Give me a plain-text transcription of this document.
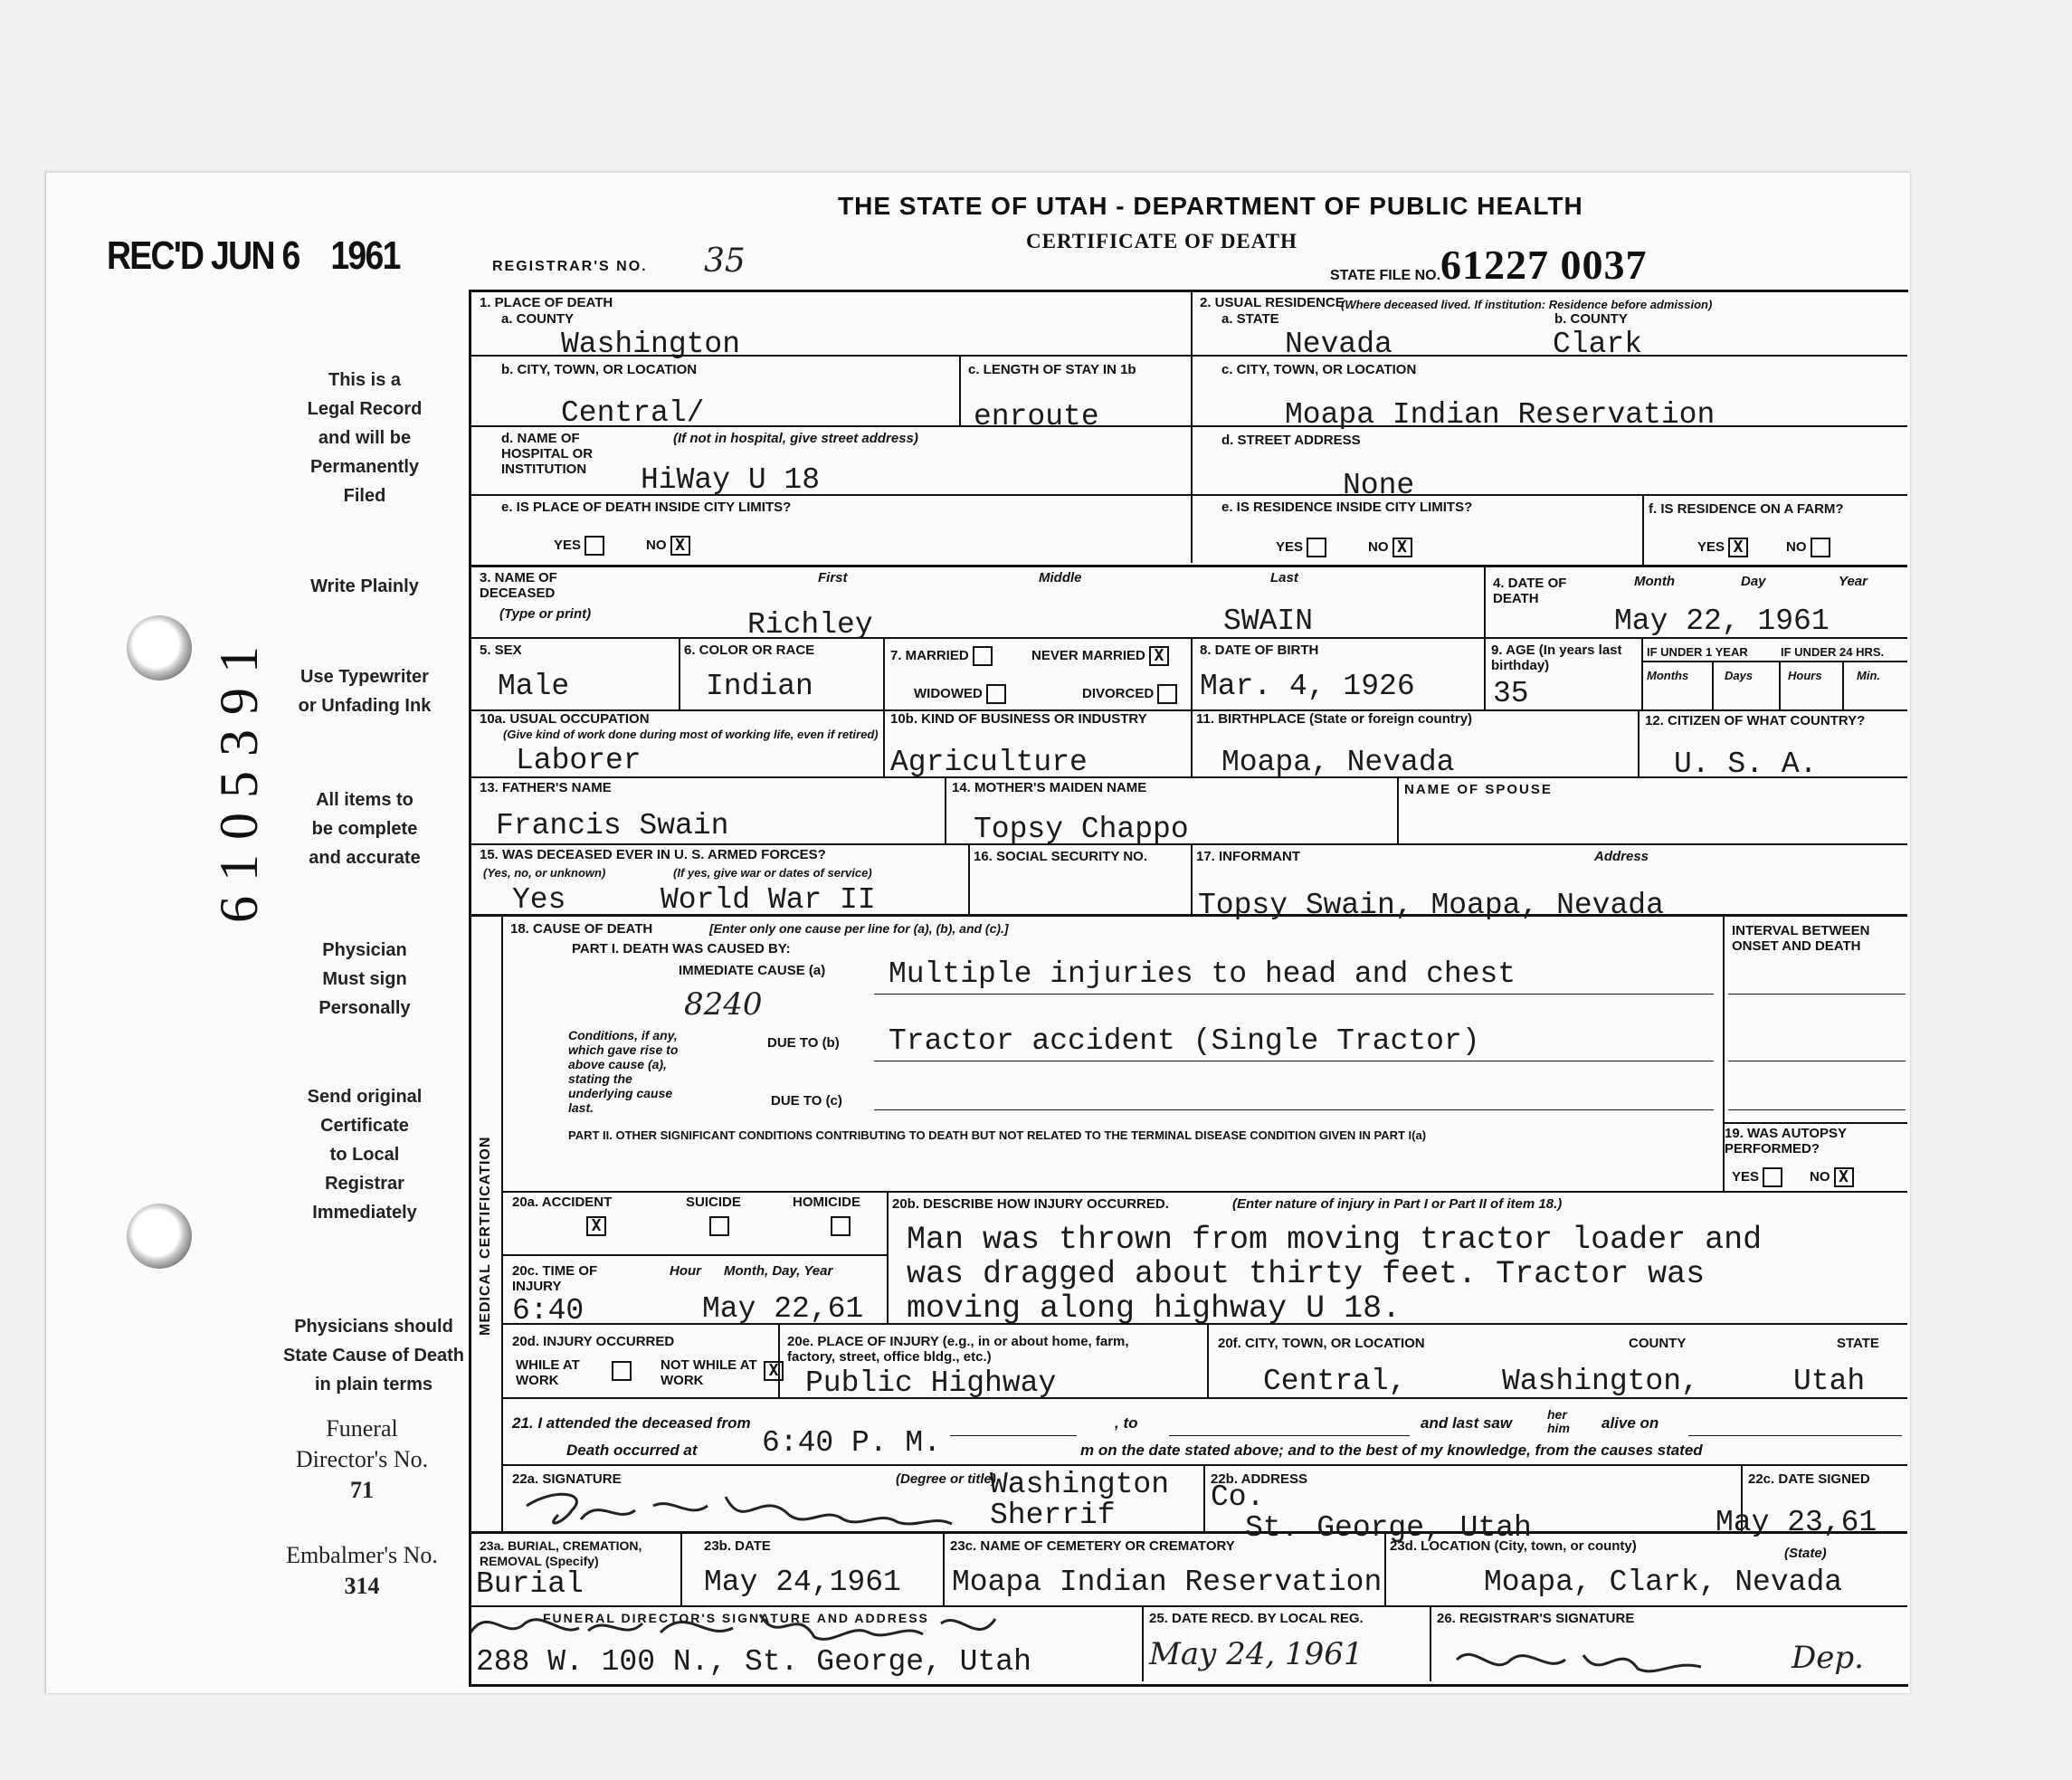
REC'D JUN 6 1961
This is a
Legal Record
and will be
Permanently
Filed
Write Plainly
Use Typewriter
or Unfading Ink
All items to
be complete
and accurate
Physician
Must sign
Personally
Send original
Certificate
to Local
Registrar
Immediately
Physicians should
State Cause of Death
in plain terms
Funeral
Director's No.
71
Embalmer's No.
314
6105391
THE STATE OF UTAH - DEPARTMENT OF PUBLIC HEALTH
CERTIFICATE OF DEATH
REGISTRAR'S NO. 35	STATE FILE NO. 61227 0037
1. PLACE OF DEATH
a. COUNTY
Washington
b. CITY, TOWN, OR LOCATION
Central/
c. LENGTH OF STAY IN 1b
enroute
d. NAME OF HOSPITAL OR INSTITUTION
(If not in hospital, give street address)
HiWay U 18
e. IS PLACE OF DEATH INSIDE CITY LIMITS?
YES	NO X
2. USUAL RESIDENCE
(Where deceased lived. If institution: Residence before admission)
a. STATE	b. COUNTY
Nevada	Clark
c. CITY, TOWN, OR LOCATION
Moapa Indian Reservation
d. STREET ADDRESS
None
e. IS RESIDENCE INSIDE CITY LIMITS?
YES	NO X
f. IS RESIDENCE ON A FARM?
YES X	NO
3. NAME OF DECEASED
(Type or print)
First	Middle	Last
Richley	SWAIN
4. DATE OF DEATH
Month	Day	Year
May 22, 1961
5. SEX
Male
6. COLOR OR RACE
Indian
7. MARRIED	NEVER MARRIED X
WIDOWED	DIVORCED
8. DATE OF BIRTH
Mar. 4, 1926
9. AGE (In years last birthday)
35
IF UNDER 1 YEAR	IF UNDER 24 HRS.
Months	Days	Hours	Min.
10a. USUAL OCCUPATION
(Give kind of work done during most of working life, even if retired)
Laborer
10b. KIND OF BUSINESS OR INDUSTRY
Agriculture
11. BIRTHPLACE (State or foreign country)
Moapa, Nevada
12. CITIZEN OF WHAT COUNTRY?
U. S. A.
13. FATHER'S NAME
Francis Swain
14. MOTHER'S MAIDEN NAME
Topsy Chappo
NAME OF SPOUSE
15. WAS DECEASED EVER IN U. S. ARMED FORCES?
(Yes, no, or unknown)	(If yes, give war or dates of service)
Yes	World War II
16. SOCIAL SECURITY NO.	17. INFORMANT	Address
Topsy Swain, Moapa, Nevada
MEDICAL CERTIFICATION
18. CAUSE OF DEATH	[Enter only one cause per line for (a), (b), and (c).]
PART I. DEATH WAS CAUSED BY:
IMMEDIATE CAUSE (a) Multiple injuries to head and chest
8240
Conditions, if any, which gave rise to above cause (a), stating the underlying cause last.
DUE TO (b) Tractor accident (Single Tractor)
DUE TO (c)
INTERVAL BETWEEN ONSET AND DEATH
PART II. OTHER SIGNIFICANT CONDITIONS CONTRIBUTING TO DEATH BUT NOT RELATED TO THE TERMINAL DISEASE CONDITION GIVEN IN PART I(a)	19. WAS AUTOPSY PERFORMED?
YES	NO X
20a. ACCIDENT
X
SUICIDE	HOMICIDE
20c. TIME OF INJURY
Hour Month, Day, Year
6:40	May 22,61
20b. DESCRIBE HOW INJURY OCCURRED.	(Enter nature of injury in Part I or Part II of item 18.)
Man was thrown from moving tractor loader and
was dragged about thirty feet. Tractor was
moving along highway U 18.
20d. INJURY OCCURRED
WHILE AT WORK
NOT WHILE AT WORK
X
20e. PLACE OF INJURY (e.g., in or about home, farm, factory, street, office bldg., etc.)
Public Highway
20f. CITY, TOWN, OR LOCATION	COUNTY	STATE
Central,	Washington,	Utah
21. I attended the deceased from	, to	and last saw	her him	alive on
Death occurred at 6:40 P. M.	m on the date stated above; and to the best of my knowledge, from the causes stated
22a. SIGNATURE	(Degree or title)
Washington
Sherrif
22b. ADDRESS
Co.
St. George, Utah
22c. DATE SIGNED
May 23,61
23a. BURIAL, CREMATION, REMOVAL (Specify)
Burial
23b. DATE
May 24,1961
23c. NAME OF CEMETERY OR CREMATORY
Moapa Indian Reservation
23d. LOCATION (City, town, or county)	(State)
Moapa, Clark, Nevada
FUNERAL DIRECTOR'S SIGNATURE AND ADDRESS
288 W. 100 N., St. George, Utah
25. DATE RECD. BY LOCAL REG.
May 24, 1961
26. REGISTRAR'S SIGNATURE
Dep.
